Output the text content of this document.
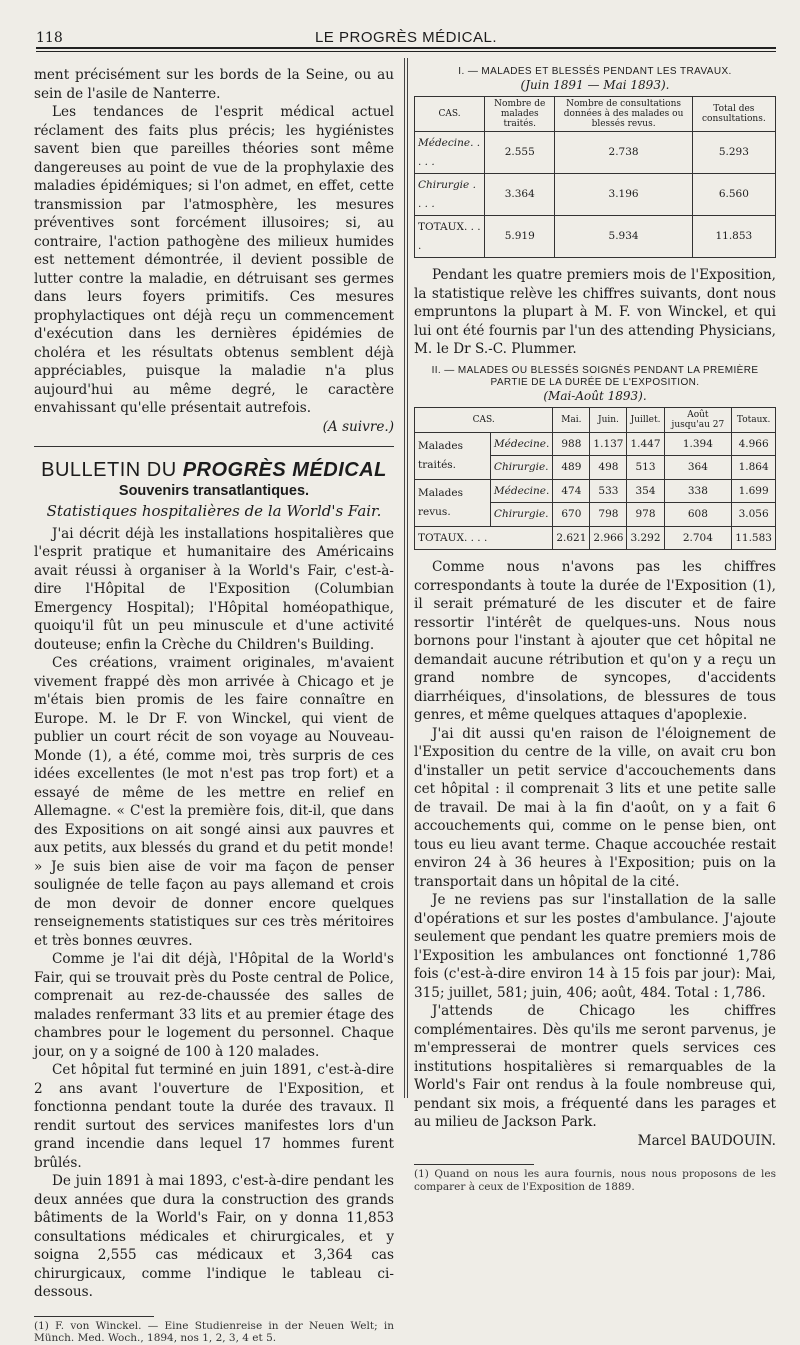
118	LE PROGRÈS MÉDICAL.

ment précisément sur les bords de la Seine, ou au sein de l'asile de Nanterre.

Les tendances de l'esprit médical actuel réclament des faits plus précis; les hygiénistes savent bien que pareilles théories sont même dangereuses au point de vue de la prophylaxie des maladies épidémiques; si l'on admet, en effet, cette transmission par l'atmosphère, les mesures préventives sont forcément illusoires; si, au contraire, l'action pathogène des milieux humides est nettement démontrée, il devient possible de lutter contre la maladie, en détruisant ses germes dans leurs foyers primitifs. Ces mesures prophylactiques ont déjà reçu un commencement d'exécution dans les dernières épidémies de choléra et les résultats obtenus semblent déjà appréciables, puisque la maladie n'a plus aujourd'hui au même degré, le caractère envahissant qu'elle présentait autrefois.

(A suivre.)
BULLETIN DU PROGRÈS MÉDICAL
Souvenirs transatlantiques.
Statistiques hospitalières de la World's Fair.

J'ai décrit déjà les installations hospitalières que l'esprit pratique et humanitaire des Américains avait réussi à organiser à la World's Fair, c'est-à-dire l'Hôpital de l'Exposition (Columbian Emergency Hospital); l'Hôpital homéopathique, quoiqu'il fût un peu minuscule et d'une activité douteuse; enfin la Crèche du Children's Building.

Ces créations, vraiment originales, m'avaient vivement frappé dès mon arrivée à Chicago et je m'étais bien promis de les faire connaître en Europe. M. le Dr F. von Winckel, qui vient de publier un court récit de son voyage au Nouveau-Monde (1), a été, comme moi, très surpris de ces idées excellentes (le mot n'est pas trop fort) et a essayé de même de les mettre en relief en Allemagne. « C'est la première fois, dit-il, que dans des Expositions on ait songé ainsi aux pauvres et aux petits, aux blessés du grand et du petit monde! » Je suis bien aise de voir ma façon de penser soulignée de telle façon au pays allemand et crois de mon devoir de donner encore quelques renseignements statistiques sur ces très méritoires et très bonnes œuvres.

Comme je l'ai dit déjà, l'Hôpital de la World's Fair, qui se trouvait près du Poste central de Police, comprenait au rez-de-chaussée des salles de malades renfermant 33 lits et au premier étage des chambres pour le logement du personnel. Chaque jour, on y a soigné de 100 à 120 malades.

Cet hôpital fut terminé en juin 1891, c'est-à-dire 2 ans avant l'ouverture de l'Exposition, et fonctionna pendant toute la durée des travaux. Il rendit surtout des services manifestes lors d'un grand incendie dans lequel 17 hommes furent brûlés.

De juin 1891 à mai 1893, c'est-à-dire pendant les deux années que dura la construction des grands bâtiments de la World's Fair, on y donna 11,853 consultations médicales et chirurgicales, et y soigna 2,555 cas médicaux et 3,364 cas chirurgicaux, comme l'indique le tableau ci-dessous.

(1) F. von Winckel. — Eine Studienreise in der Neuen Welt; in Münch. Med. Woch., 1894, nos 1, 2, 3, 4 et 5.
I. — MALADES ET BLESSÉS PENDANT LES TRAVAUX.
(Juin 1891 — Mai 1893).
CAS.	Nombre de malades traités.	Nombre de consultations données à des malades ou blessés revus.	Total des consultations.
Médecine. . . . .	2.555	2.738	5.293
Chirurgie . . . .	3.364	3.196	6.560
TOTAUX. . . .	5.919	5.934	11.853

Pendant les quatre premiers mois de l'Exposition, la statistique relève les chiffres suivants, dont nous empruntons la plupart à M. F. von Winckel, et qui lui ont été fournis par l'un des attending Physicians, M. le Dr S.-C. Plummer.

II. — MALADES OU BLESSÉS SOIGNÉS PENDANT LA PREMIÈRE PARTIE DE LA DURÉE DE L'EXPOSITION.
(Mai-Août 1893).
CAS.		Mai.	Juin.	Juillet.	Août jusqu'au 27	Totaux.
Malades traités.	Médecine.	988	1.137	1.447	1.394	4.966
	Chirurgie.	489	498	513	364	1.864
Malades revus.	Médecine.	474	533	354	338	1.699
	Chirurgie.	670	798	978	608	3.056
TOTAUX. . . .		2.621	2.966	3.292	2.704	11.583

Comme nous n'avons pas les chiffres correspondants à toute la durée de l'Exposition (1), il serait prématuré de les discuter et de faire ressortir l'intérêt de quelques-uns. Nous nous bornons pour l'instant à ajouter que cet hôpital ne demandait aucune rétribution et qu'on y a reçu un grand nombre de syncopes, d'accidents diarrhéiques, d'insolations, de blessures de tous genres, et même quelques attaques d'apoplexie.

J'ai dit aussi qu'en raison de l'éloignement de l'Exposition du centre de la ville, on avait cru bon d'installer un petit service d'accouchements dans cet hôpital : il comprenait 3 lits et une petite salle de travail. De mai à la fin d'août, on y a fait 6 accouchements qui, comme on le pense bien, ont tous eu lieu avant terme. Chaque accouchée restait environ 24 à 36 heures à l'Exposition; puis on la transportait dans un hôpital de la cité.

Je ne reviens pas sur l'installation de la salle d'opérations et sur les postes d'ambulance. J'ajoute seulement que pendant les quatre premiers mois de l'Exposition les ambulances ont fonctionné 1,786 fois (c'est-à-dire environ 14 à 15 fois par jour): Mai, 315; juillet, 581; juin, 406; août, 484. Total : 1,786.

J'attends de Chicago les chiffres complémentaires. Dès qu'ils me seront parvenus, je m'empresserai de montrer quels services ces institutions hospitalières si remarquables de la World's Fair ont rendus à la foule nombreuse qui, pendant six mois, a fréquenté dans les parages et au milieu de Jackson Park.

Marcel BAUDOUIN.
(1) Quand on nous les aura fournis, nous nous proposons de les comparer à ceux de l'Exposition de 1889.
